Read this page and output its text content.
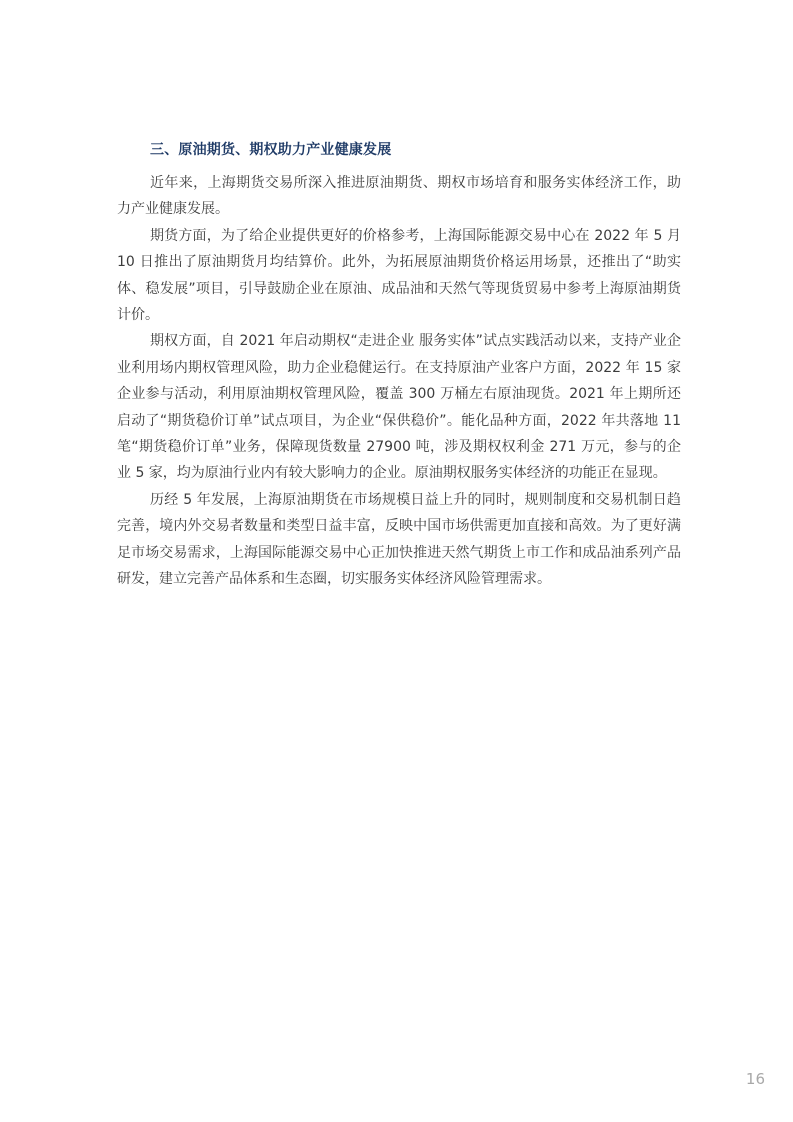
三、原油期货、期权助力产业健康发展

近年来，上海期货交易所深入推进原油期货、期权市场培育和服务实体经济工作，助力产业健康发展。

期货方面，为了给企业提供更好的价格参考，上海国际能源交易中心在 2022 年 5 月 10 日推出了原油期货月均结算价。此外，为拓展原油期货价格运用场景，还推出了“助实体、稳发展”项目，引导鼓励企业在原油、成品油和天然气等现货贸易中参考上海原油期货计价。

期权方面，自 2021 年启动期权“走进企业 服务实体”试点实践活动以来，支持产业企业利用场内期权管理风险，助力企业稳健运行。在支持原油产业客户方面，2022 年 15 家企业参与活动，利用原油期权管理风险，覆盖 300 万桶左右原油现货。2021 年上期所还启动了“期货稳价订单”试点项目，为企业“保供稳价”。能化品种方面，2022 年共落地 11 笔“期货稳价订单”业务，保障现货数量 27900 吨，涉及期权权利金 271 万元，参与的企业 5 家，均为原油行业内有较大影响力的企业。原油期权服务实体经济的功能正在显现。

历经 5 年发展，上海原油期货在市场规模日益上升的同时，规则制度和交易机制日趋完善，境内外交易者数量和类型日益丰富，反映中国市场供需更加直接和高效。为了更好满足市场交易需求，上海国际能源交易中心正加快推进天然气期货上市工作和成品油系列产品研发，建立完善产品体系和生态圈，切实服务实体经济风险管理需求。

16
